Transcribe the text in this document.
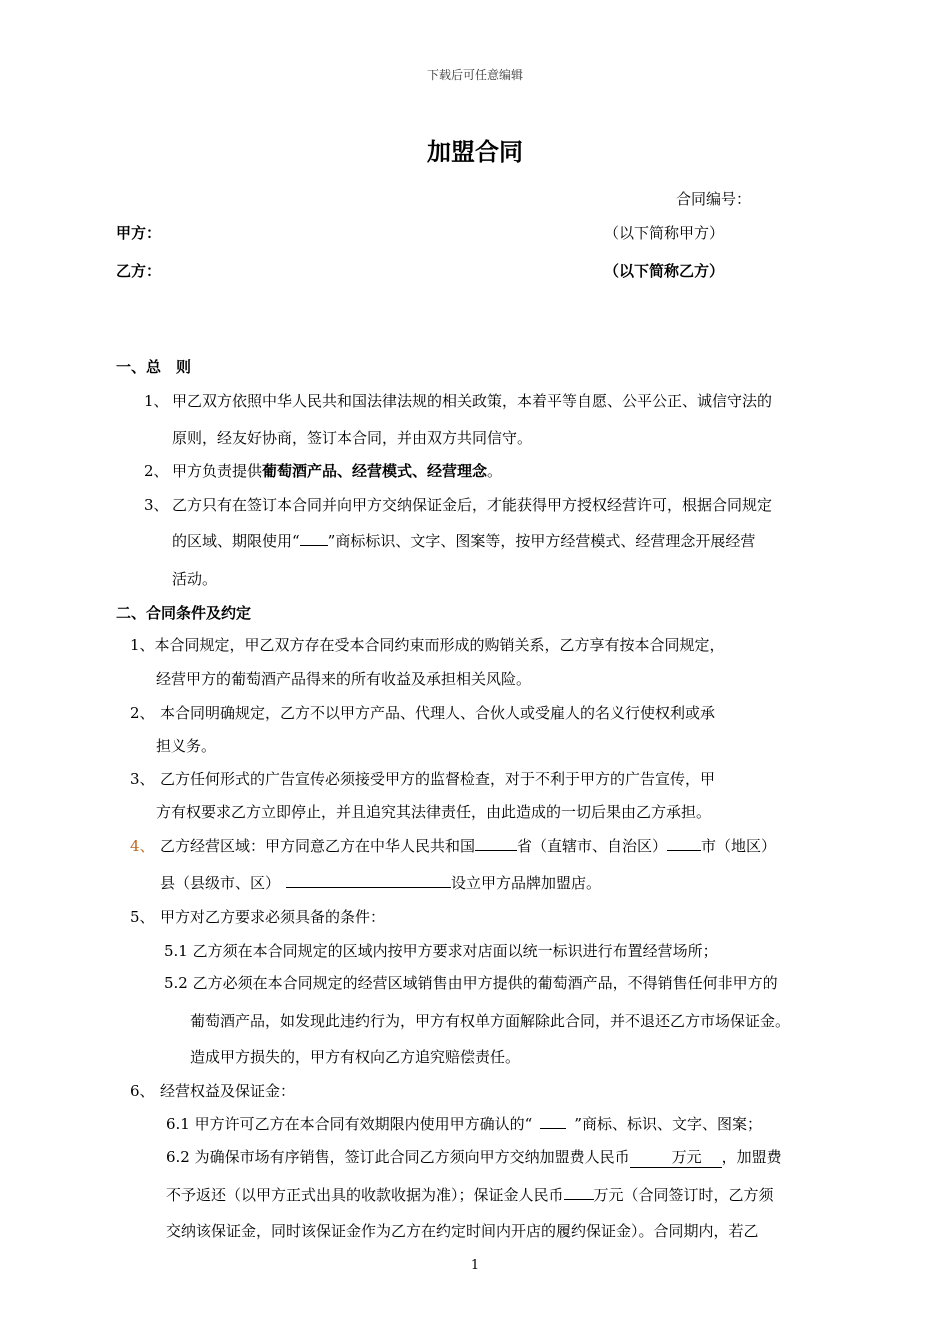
下载后可任意编辑
加盟合同
合同编号：
甲方：	（以下简称甲方）
乙方：	（以下简称乙方）
一、总　则
1、 甲乙双方依照中华人民共和国法律法规的相关政策，本着平等自愿、公平公正、诚信守法的
原则，经友好协商，签订本合同，并由双方共同信守。
2、 甲方负责提供葡萄酒产品、经营模式、经营理念。
3、 乙方只有在签订本合同并向甲方交纳保证金后，才能获得甲方授权经营许可，根据合同规定
的区域、期限使用“ ”商标标识、文字、图案等，按甲方经营模式、经营理念开展经营
活动。
二、合同条件及约定
1、本合同规定，甲乙双方存在受本合同约束而形成的购销关系，乙方享有按本合同规定，
经营甲方的葡萄酒产品得来的所有收益及承担相关风险。
2、 本合同明确规定，乙方不以甲方产品、代理人、合伙人或受雇人的名义行使权利或承
担义务。
3、 乙方任何形式的广告宣传必须接受甲方的监督检查，对于不利于甲方的广告宣传，甲
方有权要求乙方立即停止，并且追究其法律责任，由此造成的一切后果由乙方承担。
4、 乙方经营区域：甲方同意乙方在中华人民共和国	省（直辖市、自治区） 市（地区）
县（县级市、区）	设立甲方品牌加盟店。
5、 甲方对乙方要求必须具备的条件：
5.1 乙方须在本合同规定的区域内按甲方要求对店面以统一标识进行布置经营场所；
5.2 乙方必须在本合同规定的经营区域销售由甲方提供的葡萄酒产品，不得销售任何非甲方的
葡萄酒产品，如发现此违约行为，甲方有权单方面解除此合同，并不退还乙方市场保证金。
造成甲方损失的，甲方有权向乙方追究赔偿责任。
6、 经营权益及保证金：
6.1 甲方许可乙方在本合同有效期限内使用甲方确认的“	”商标、标识、文字、图案；
6.2 为确保市场有序销售，签订此合同乙方须向甲方交纳加盟费人民币	万元 ，加盟费
不予返还（以甲方正式出具的收款收据为准）；保证金人民币 万元（合同签订时，乙方须
交纳该保证金，同时该保证金作为乙方在约定时间内开店的履约保证金）。合同期内，若乙
1
